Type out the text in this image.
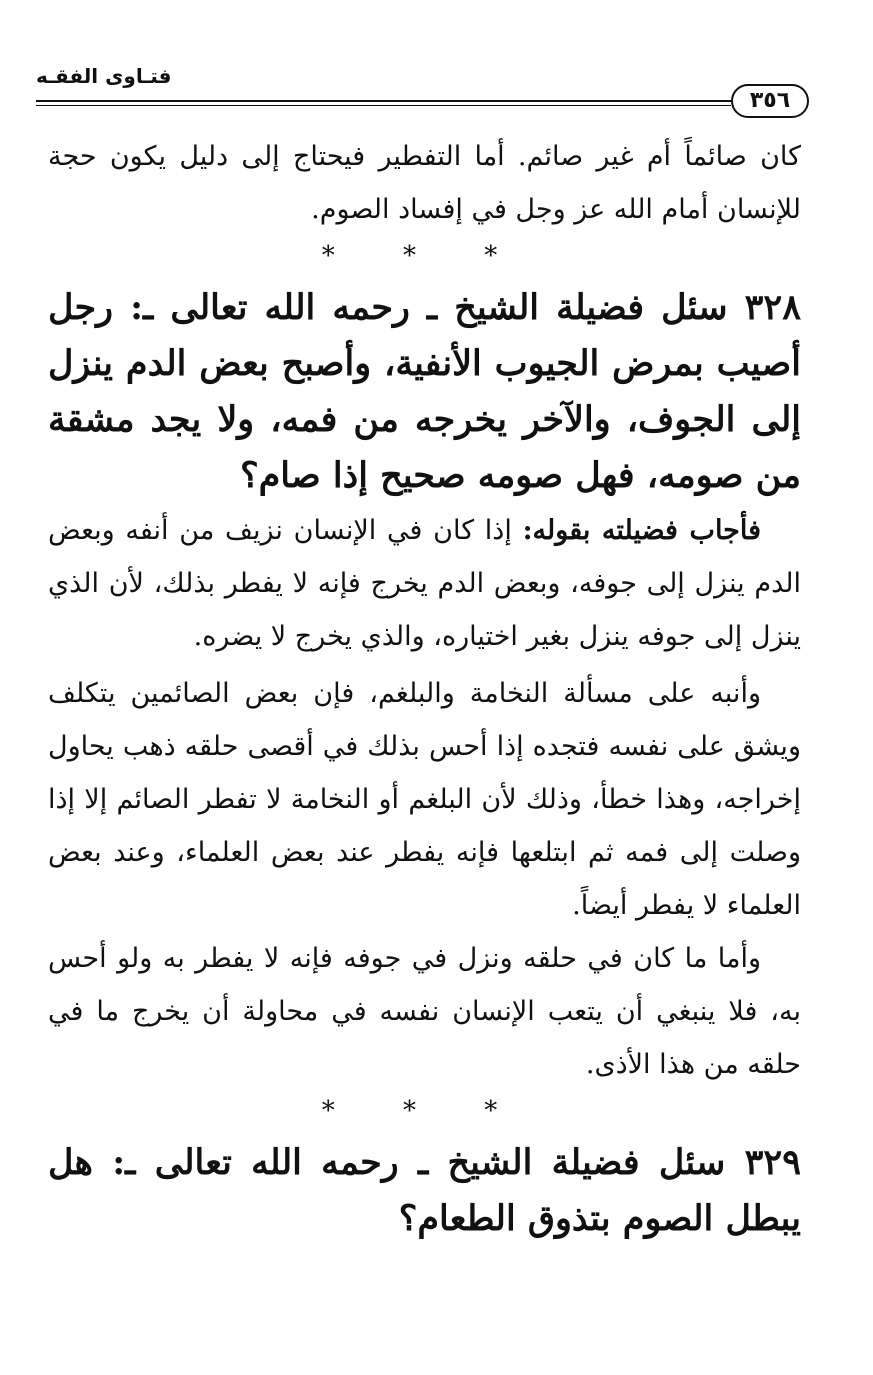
فتـاوى الفقـه
٣٥٦

كان صائماً أم غير صائم. أما التفطير فيحتاج إلى دليل يكون حجة للإنسان أمام الله عز وجل في إفساد الصوم.

* * *

٣٢٨ سئل فضيلة الشيخ ـ رحمه الله تعالى ـ: رجل أصيب بمرض الجيوب الأنفية، وأصبح بعض الدم ينزل إلى الجوف، والآخر يخرجه من فمه، ولا يجد مشقة من صومه، فهل صومه صحيح إذا صام؟

فأجاب فضيلته بقوله: إذا كان في الإنسان نزيف من أنفه وبعض الدم ينزل إلى جوفه، وبعض الدم يخرج فإنه لا يفطر بذلك، لأن الذي ينزل إلى جوفه ينزل بغير اختياره، والذي يخرج لا يضره.

وأنبه على مسألة النخامة والبلغم، فإن بعض الصائمين يتكلف ويشق على نفسه فتجده إذا أحس بذلك في أقصى حلقه ذهب يحاول إخراجه، وهذا خطأ، وذلك لأن البلغم أو النخامة لا تفطر الصائم إلا إذا وصلت إلى فمه ثم ابتلعها فإنه يفطر عند بعض العلماء، وعند بعض العلماء لا يفطر أيضاً.

وأما ما كان في حلقه ونزل في جوفه فإنه لا يفطر به ولو أحس به، فلا ينبغي أن يتعب الإنسان نفسه في محاولة أن يخرج ما في حلقه من هذا الأذى.

* * *

٣٢٩ سئل فضيلة الشيخ ـ رحمه الله تعالى ـ: هل يبطل الصوم بتذوق الطعام؟
